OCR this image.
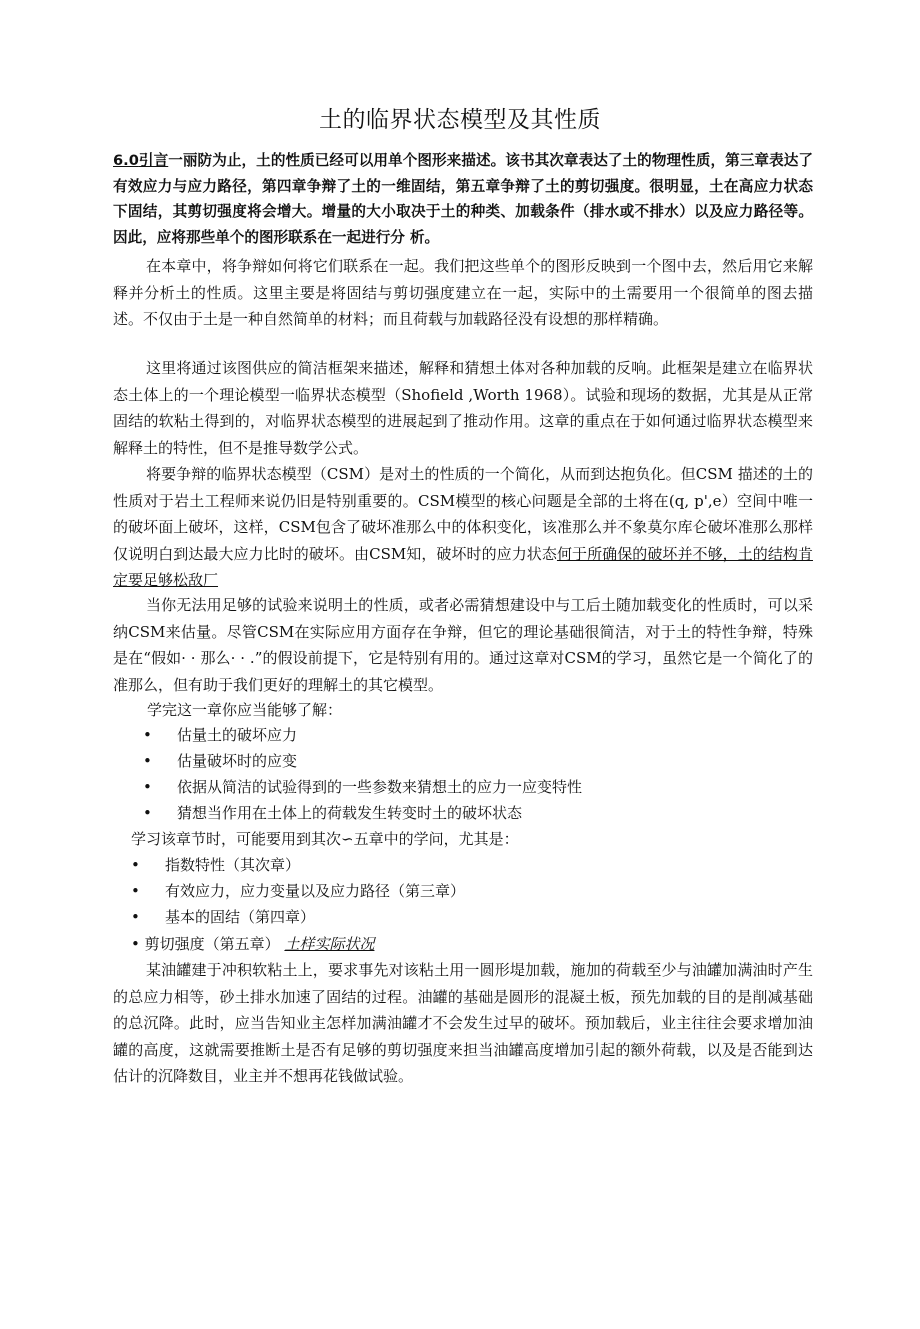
土的临界状态模型及其性质
6.0引言一丽防为止，土的性质已经可以用单个图形来描述。该书其次章表达了土的物理性质，第三章表达了有效应力与应力路径，第四章争辩了土的一维固结，第五章争辩了土的剪切强度。很明显，土在高应力状态下固结，其剪切强度将会增大。增量的大小取决于土的种类、加载条件（排水或不排水）以及应力路径等。因此，应将那些单个的图形联系在一起进行分 析。
在本章中，将争辩如何将它们联系在一起。我们把这些单个的图形反映到一个图中去，然后用它来解释并分析土的性质。这里主要是将固结与剪切强度建立在一起，实际中的土需要用一个很简单的图去描述。不仅由于土是一种自然简单的材料；而且荷载与加载路径没有设想的那样精确。
这里将通过该图供应的简洁框架来描述，解释和猜想土体对各种加载的反响。此框架是建立在临界状态土体上的一个理论模型一临界状态模型（Shofield ,Worth 1968）。试验和现场的数据，尤其是从正常固结的软粘土得到的，对临界状态模型的进展起到了推动作用。这章的重点在于如何通过临界状态模型来解释土的特性，但不是推导数学公式。
将要争辩的临界状态模型（CSM）是对土的性质的一个简化，从而到达抱负化。但CSM 描述的土的性质对于岩土工程师来说仍旧是特别重要的。CSM模型的核心问题是全部的土将在(q, p',e）空间中唯一的破坏面上破坏，这样，CSM包含了破坏准那么中的体积变化，该准那么并不象莫尔库仑破坏准那么那样仅说明白到达最大应力比时的破坏。由CSM知，破坏时的应力状态何于所确保的破坏并不够，土的结构肯定要足够松敌厂
当你无法用足够的试验来说明土的性质，或者必需猜想建设中与工后土随加载变化的性质时，可以采纳CSM来估量。尽管CSM在实际应用方面存在争辩，但它的理论基础很简洁，对于土的特性争辩，特殊是在“假如· · 那么· · .”的假设前提下，它是特别有用的。通过这章对CSM的学习，虽然它是一个简化了的准那么，但有助于我们更好的理解土的其它模型。
学完这一章你应当能够了解：
• 估量土的破坏应力
• 估量破坏时的应变
• 依据从简洁的试验得到的一些参数来猜想土的应力一应变特性
• 猜想当作用在土体上的荷载发生转变时土的破坏状态
学习该章节时，可能要用到其次∽五章中的学问，尤其是：
• 指数特性（其次章）
• 有效应力，应力变量以及应力路径（第三章）
• 基本的固结（第四章）
• 剪切强度（第五章） 土样实际状况
某油罐建于冲积软粘土上，要求事先对该粘土用一圆形堤加载，施加的荷载至少与油罐加满油时产生的总应力相等，砂土排水加速了固结的过程。油罐的基础是圆形的混凝土板，预先加载的目的是削减基础的总沉降。此时，应当告知业主怎样加满油罐才不会发生过早的破坏。预加载后，业主往往会要求增加油罐的高度，这就需要推断土是否有足够的剪切强度来担当油罐高度增加引起的额外荷载，以及是否能到达估计的沉降数目，业主并不想再花钱做试验。
